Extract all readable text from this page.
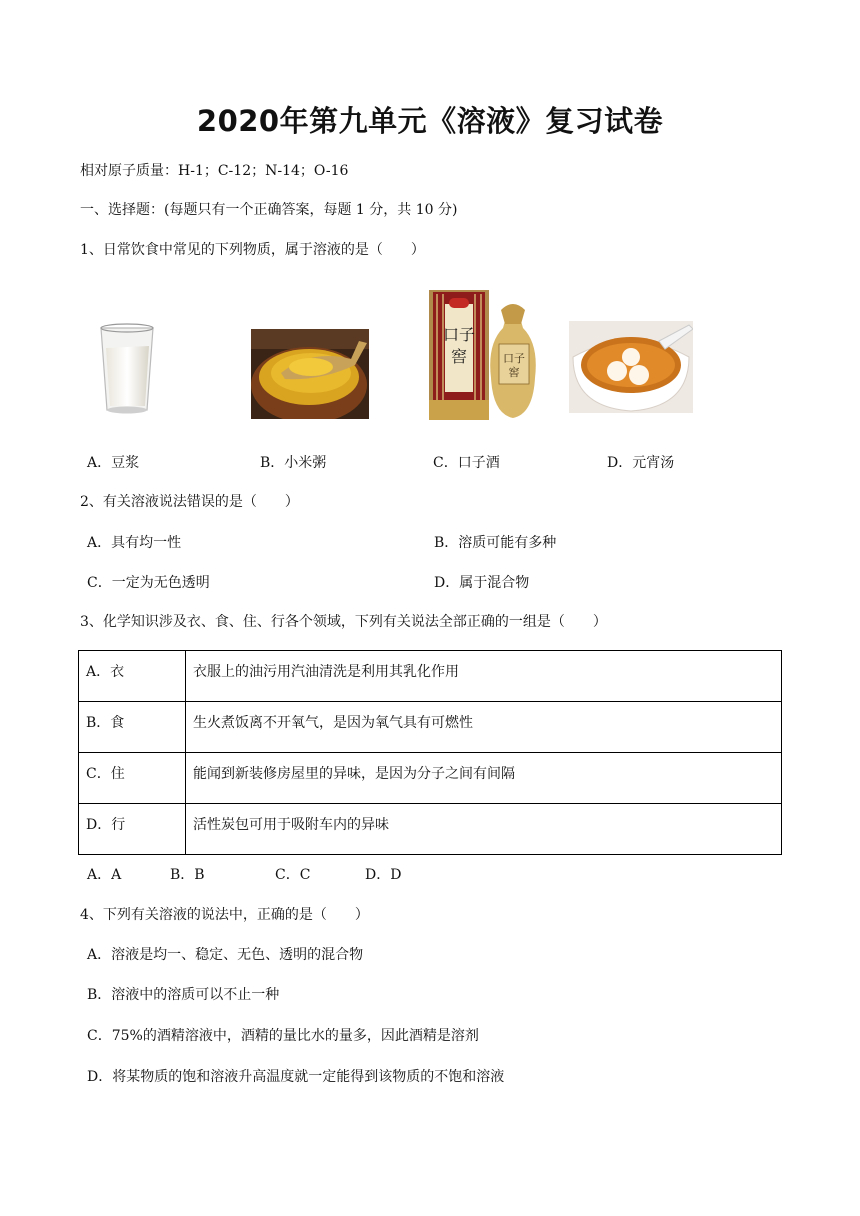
2020年第九单元《溶液》复习试卷
相对原子质量：H-1；C-12；N-14；O-16
一、选择题：(每题只有一个正确答案，每题 1 分，共 10 分)
1、日常饮食中常见的下列物质，属于溶液的是（　　）
口子
窖	口子
窖
A．豆浆	B．小米粥	C．口子酒	D．元宵汤
2、有关溶液说法错误的是（　　）
A．具有均一性	B．溶质可能有多种
C．一定为无色透明	D．属于混合物
3、化学知识涉及衣、食、住、行各个领域，下列有关说法全部正确的一组是（　　）
A．衣	衣服上的油污用汽油清洗是利用其乳化作用
B．食	生火煮饭离不开氧气，是因为氧气具有可燃性
C．住	能闻到新装修房屋里的异味，是因为分子之间有间隔
D．行	活性炭包可用于吸附车内的异味
A．A	B．B	C．C	D．D
4、下列有关溶液的说法中，正确的是（　　）
A．溶液是均一、稳定、无色、透明的混合物
B．溶液中的溶质可以不止一种
C．75%的酒精溶液中，酒精的量比水的量多，因此酒精是溶剂
D．将某物质的饱和溶液升高温度就一定能得到该物质的不饱和溶液
